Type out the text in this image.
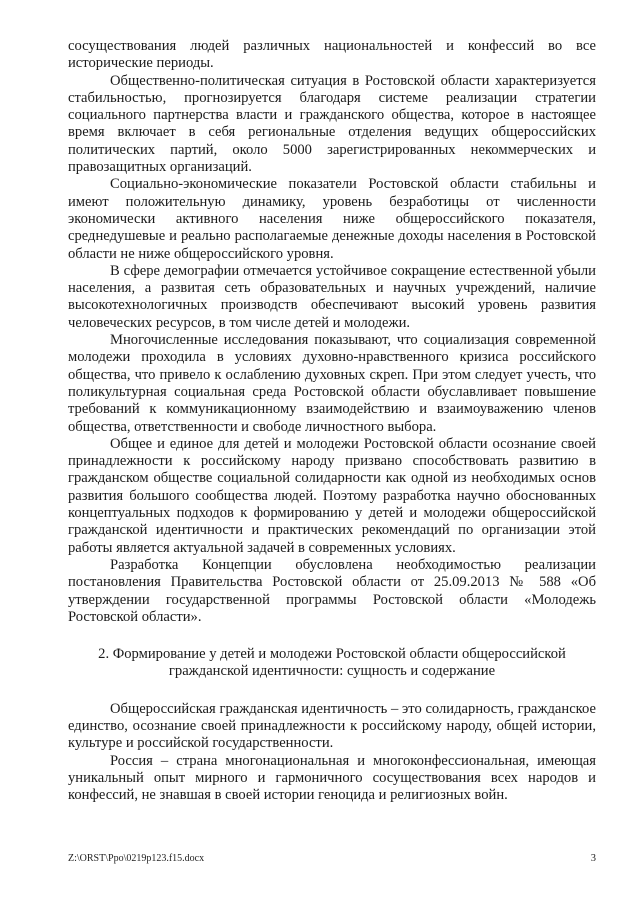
сосуществования людей различных национальностей и конфессий во все исторические периоды.

Общественно-политическая ситуация в Ростовской области характеризуется стабильностью, прогнозируется благодаря системе реализации стратегии социального партнерства власти и гражданского общества, которое в настоящее время включает в себя региональные отделения ведущих общероссийских политических партий, около 5000 зарегистрированных некоммерческих и правозащитных организаций.

Социально-экономические показатели Ростовской области стабильны и имеют положительную динамику, уровень безработицы от численности экономически активного населения ниже общероссийского показателя, среднедушевые и реально располагаемые денежные доходы населения в Ростовской области не ниже общероссийского уровня.

В сфере демографии отмечается устойчивое сокращение естественной убыли населения, а развитая сеть образовательных и научных учреждений, наличие высокотехнологичных производств обеспечивают высокий уровень развития человеческих ресурсов, в том числе детей и молодежи.

Многочисленные исследования показывают, что социализация современной молодежи проходила в условиях духовно-нравственного кризиса российского общества, что привело к ослаблению духовных скреп. При этом следует учесть, что поликультурная социальная среда Ростовской области обуславливает повышение требований к коммуникационному взаимодействию и взаимоуважению членов общества, ответственности и свободе личностного выбора.

Общее и единое для детей и молодежи Ростовской области осознание своей принадлежности к российскому народу призвано способствовать развитию в гражданском обществе социальной солидарности как одной из необходимых основ развития большого сообщества людей. Поэтому разработка научно обоснованных концептуальных подходов к формированию у детей и молодежи общероссийской гражданской идентичности и практических рекомендаций по организации этой работы является актуальной задачей в современных условиях.

Разработка Концепции обусловлена необходимостью реализации постановления Правительства Ростовской области от 25.09.2013 № 588 «Об утверждении государственной программы Ростовской области «Молодежь Ростовской области».

2. Формирование у детей и молодежи Ростовской области общероссийской гражданской идентичности: сущность и содержание

Общероссийская гражданская идентичность – это солидарность, гражданское единство, осознание своей принадлежности к российскому народу, общей истории, культуре и российской государственности.

Россия – страна многонациональная и многоконфессиональная, имеющая уникальный опыт мирного и гармоничного сосуществования всех народов и конфессий, не знавшая в своей истории геноцида и религиозных войн.

Z:\ORST\Ppo\0219p123.f15.docx	3
